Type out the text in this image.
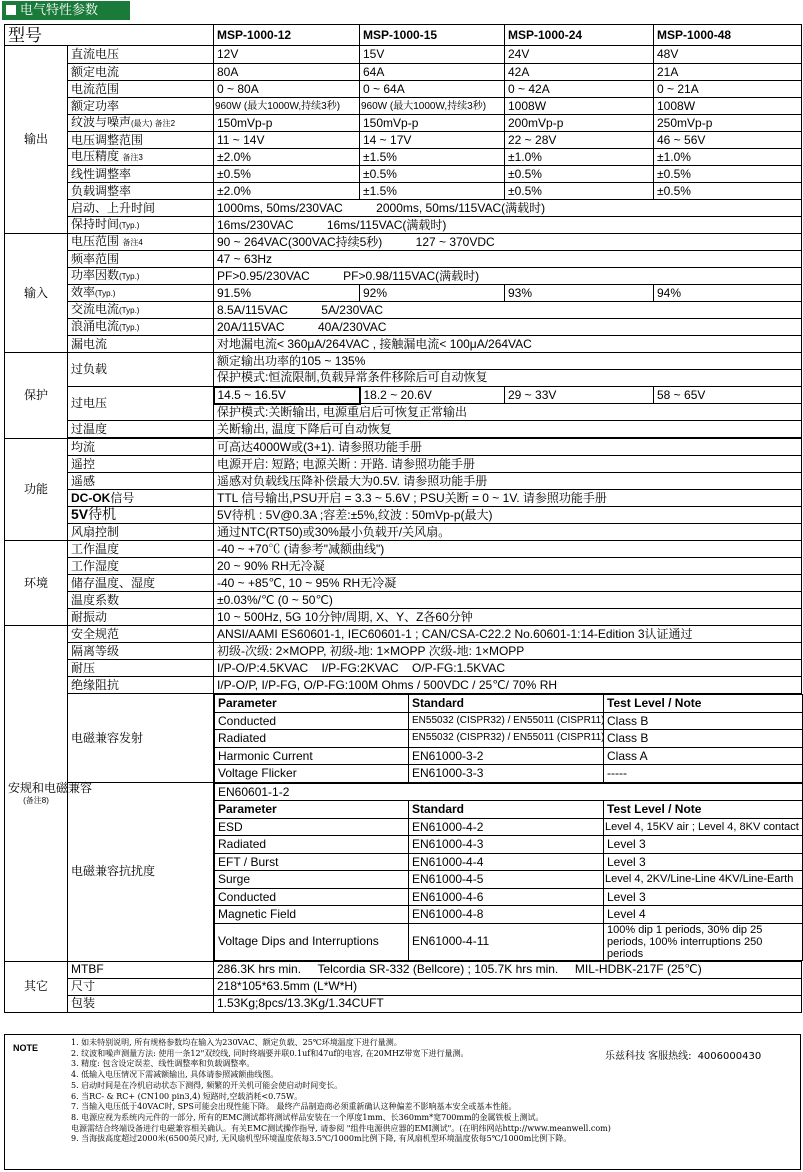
电气特性参数
型号	MSP-1000-12	MSP-1000-15	MSP-1000-24	MSP-1000-48
输出	直流电压	12V	15V	24V	48V
额定电流	80A	64A	42A	21A
电流范围	0 ~ 80A	0 ~ 64A	0 ~ 42A	0 ~ 21A
额定功率	960W (最大1000W,持续3秒)	960W (最大1000W,持续3秒)	1008W	1008W
纹波与噪声(最大) 备注2	150mVp-p	150mVp-p	200mVp-p	250mVp-p
电压调整范围	11 ~ 14V	14 ~ 17V	22 ~ 28V	46 ~ 56V
电压精度 备注3	±2.0%	±1.5%	±1.0%	±1.0%
线性调整率	±0.5%	±0.5%	±0.5%	±0.5%
负载调整率	±2.0%	±1.5%	±0.5%	±0.5%
启动、上升时间	1000ms, 50ms/230VAC          2000ms, 50ms/115VAC(满载时)
保持时间(Typ.)	16ms/230VAC          16ms/115VAC(满载时)
输入	电压范围 备注4	90 ~ 264VAC(300VAC持续5秒)          127 ~ 370VDC
频率范围	47 ~ 63Hz
功率因数(Typ.)	PF>0.95/230VAC          PF>0.98/115VAC(满载时)
效率(Typ.)	91.5%	92%	93%	94%
交流电流(Typ.)	8.5A/115VAC          5A/230VAC
浪涌电流(Typ.)	20A/115VAC          40A/230VAC
漏电流	对地漏电流< 360μA/264VAC , 接触漏电流< 100μA/264VAC
保护	过负载	额定输出功率的105 ~ 135%
保护模式:恒流限制,负载异常条件移除后可自动恢复
过电压	14.5 ~ 16.5V	18.2 ~ 20.6V	29 ~ 33V	58 ~ 65V
保护模式:关断输出, 电源重启后可恢复正常输出
过温度	关断输出, 温度下降后可自动恢复

功能	均流	可高达4000W或(3+1). 请参照功能手册
遥控	电源开启: 短路; 电源关断 : 开路. 请参照功能手册
遥感	遥感对负载线压降补偿最大为0.5V. 请参照功能手册
DC-OK信号	TTL 信号输出,PSU开启 = 3.3 ~ 5.6V ; PSU关断 = 0 ~ 1V. 请参照功能手册
5V待机	5V待机 : 5V@0.3A ;容差:±5%,纹波 : 50mVp-p(最大)
风扇控制	通过NTC(RT50)或30%最小负载开/关风扇。
环境	工作温度	-40 ~ +70℃ (请参考"减额曲线")
工作湿度	20 ~ 90% RH无冷凝
储存温度、湿度	-40 ~ +85℃, 10 ~ 95% RH无冷凝
温度系数	±0.03%/℃ (0 ~ 50℃)
耐振动	10 ~ 500Hz, 5G 10分钟/周期, X、Y、Z各60分钟
安规和电磁兼容
(备注8)
	安全规范	ANSI/AAMI ES60601-1, IEC60601-1 ; CAN/CSA-C22.2 No.60601-1:14-Edition 3认证通过
隔离等级	初级-次级: 2×MOPP, 初级-地: 1×MOPP 次级-地: 1×MOPP
耐压	I/P-O/P:4.5KVAC    I/P-FG:2KVAC    O/P-FG:1.5KVAC
绝缘阻抗	I/P-O/P, I/P-FG, O/P-FG:100M Ohms / 500VDC / 25℃/ 70% RH
电磁兼容发射	
Parameter	Standard	Test Level / Note
Conducted	EN55032 (CISPR32) / EN55011 (CISPR11)	Class B
Radiated	EN55032 (CISPR32) / EN55011 (CISPR11)	Class B
Harmonic Current	EN61000-3-2	Class A
Voltage Flicker	EN61000-3-3	-----

电磁兼容抗扰度	
EN60601-1-2
Parameter	Standard	Test Level / Note
ESD	EN61000-4-2	Level 4, 15KV air ; Level 4, 8KV contact
Radiated	EN61000-4-3	Level 3
EFT / Burst	EN61000-4-4	Level 3
Surge	EN61000-4-5	Level 4, 2KV/Line-Line 4KV/Line-Earth
Conducted	EN61000-4-6	Level 3
Magnetic Field	EN61000-4-8	Level 4
Voltage Dips and Interruptions	EN61000-4-11	100% dip 1 periods, 30% dip 25 periods, 100% interruptions 250 periods

其它	MTBF	286.3K hrs min.     Telcordia SR-332 (Bellcore) ; 105.7K hrs min.     MIL-HDBK-217F (25℃)
尺寸	218*105*63.5mm (L*W*H)
包装	1.53Kg;8pcs/13.3Kg/1.34CUFT
NOTE
乐兹科技 客服热线: 4006000430
1. 如未特别说明, 所有规格参数均在输入为230VAC、额定负载、25℃环境温度下进行量测。
2. 纹波和噪声测量方法: 使用一条12"双绞线, 同时终端要并联0.1uf和47uf的电容, 在20MHZ带宽下进行量测。
3. 精度: 包含设定误差、线性调整率和负载调整率。
4. 低输入电压情况下需减额输出, 具体请参照减额曲线图。
5. 启动时间是在冷机启动状态下测得, 频繁的开关机可能会使启动时间变长。
6. 当RC- & RC+ (CN100 pin3,4) 短路时,空载消耗<0.75W。
7. 当输入电压低于40VAC时, SPS可能会出现性能下降。 最终产品制造商必须重新确认这种偏差不影响基本安全或基本性能。
8. 电源应视为系统内元件的一部分, 所有的EMC测试都将测试样品安装在一个厚度1mm、长360mm*宽700mm的金属铁板上测试。
电源需结合终端设备进行电磁兼容相关确认。有关EMC测试操作指导, 请参阅 "组件电源供应器的EMI测试"。(在明纬网站http://www.meanwell.com)
9. 当海拔高度超过2000米(6500英尺)时, 无风扇机型环境温度依每3.5℃/1000m比例下降, 有风扇机型环境温度依每5℃/1000m比例下降。
